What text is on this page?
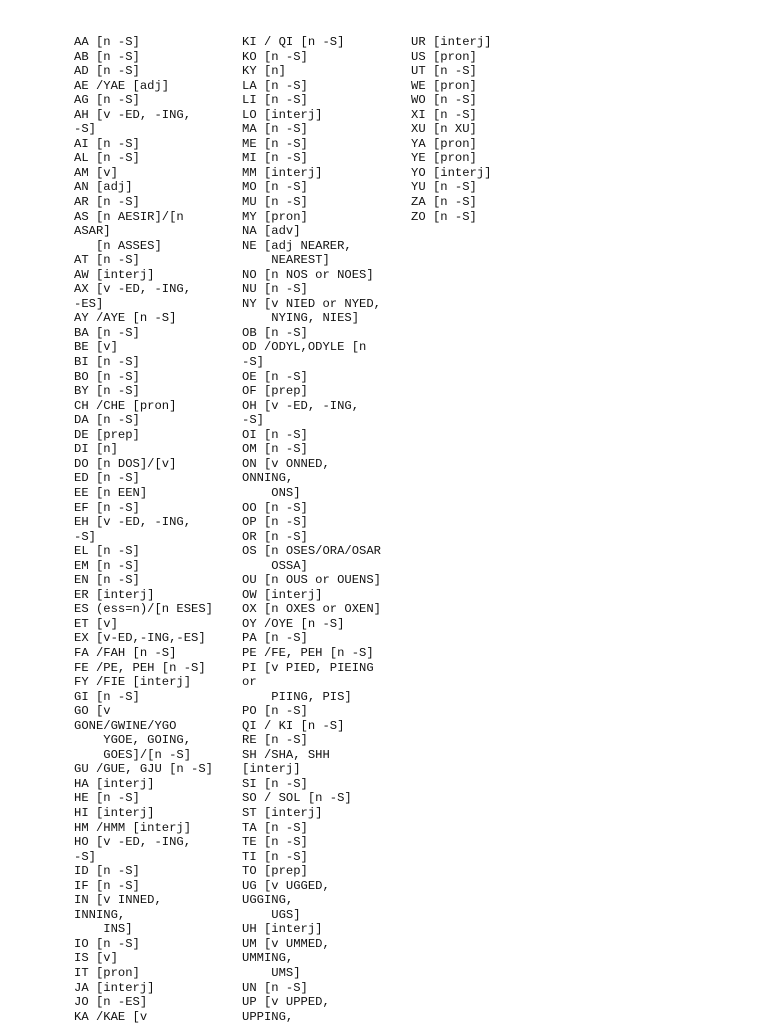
AA [n -S]
AB [n -S]
AD [n -S]
AE /YAE [adj]
AG [n -S]
AH [v -ED, -ING,
-S]
AI [n -S]
AL [n -S]
AM [v]
AN [adj]
AR [n -S]
AS [n AESIR]/[n
ASAR]
[n ASSES]
AT [n -S]
AW [interj]
AX [v -ED, -ING,
-ES]
AY /AYE [n -S]
BA [n -S]
BE [v]
BI [n -S]
BO [n -S]
BY [n -S]
CH /CHE [pron]
DA [n -S]
DE [prep]
DI [n]
DO [n DOS]/[v]
ED [n -S]
EE [n EEN]
EF [n -S]
EH [v -ED, -ING,
-S]
EL [n -S]
EM [n -S]
EN [n -S]
ER [interj]
ES (ess=n)/[n ESES]
ET [v]
EX [v-ED,-ING,-ES]
FA /FAH [n -S]
FE /PE, PEH [n -S]
FY /FIE [interj]
GI [n -S]
GO [v
GONE/GWINE/YGO
YGOE, GOING,
GOES]/[n -S]
GU /GUE, GJU [n -S]
HA [interj]
HE [n -S]
HI [interj]
HM /HMM [interj]
HO [v -ED, -ING,
-S]
ID [n -S]
IF [n -S]
IN [v INNED,
INNING,
INS]
IO [n -S]
IS [v]
IT [pron]
JA [interj]
JO [n -ES]
KA /KAE [v
KI / QI [n -S]
KO [n -S]
KY [n]
LA [n -S]
LI [n -S]
LO [interj]
MA [n -S]
ME [n -S]
MI [n -S]
MM [interj]
MO [n -S]
MU [n -S]
MY [pron]
NA [adv]
NE [adj NEARER,
NEAREST]
NO [n NOS or NOES]
NU [n -S]
NY [v NIED or NYED,
NYING, NIES]
OB [n -S]
OD /ODYL,ODYLE [n
-S]
OE [n -S]
OF [prep]
OH [v -ED, -ING,
-S]
OI [n -S]
OM [n -S]
ON [v ONNED,
ONNING,
ONS]
OO [n -S]
OP [n -S]
OR [n -S]
OS [n OSES/ORA/OSAR
OSSA]
OU [n OUS or OUENS]
OW [interj]
OX [n OXES or OXEN]
OY /OYE [n -S]
PA [n -S]
PE /FE, PEH [n -S]
PI [v PIED, PIEING
or
PIING, PIS]
PO [n -S]
QI / KI [n -S]
RE [n -S]
SH /SHA, SHH
[interj]
SI [n -S]
SO / SOL [n -S]
ST [interj]
TA [n -S]
TE [n -S]
TI [n -S]
TO [prep]
UG [v UGGED,
UGGING,
UGS]
UH [interj]
UM [v UMMED,
UMMING,
UMS]
UN [n -S]
UP [v UPPED,
UPPING,
UR [interj]
US [pron]
UT [n -S]
WE [pron]
WO [n -S]
XI [n -S]
XU [n XU]
YA [pron]
YE [pron]
YO [interj]
YU [n -S]
ZA [n -S]
ZO [n -S]
